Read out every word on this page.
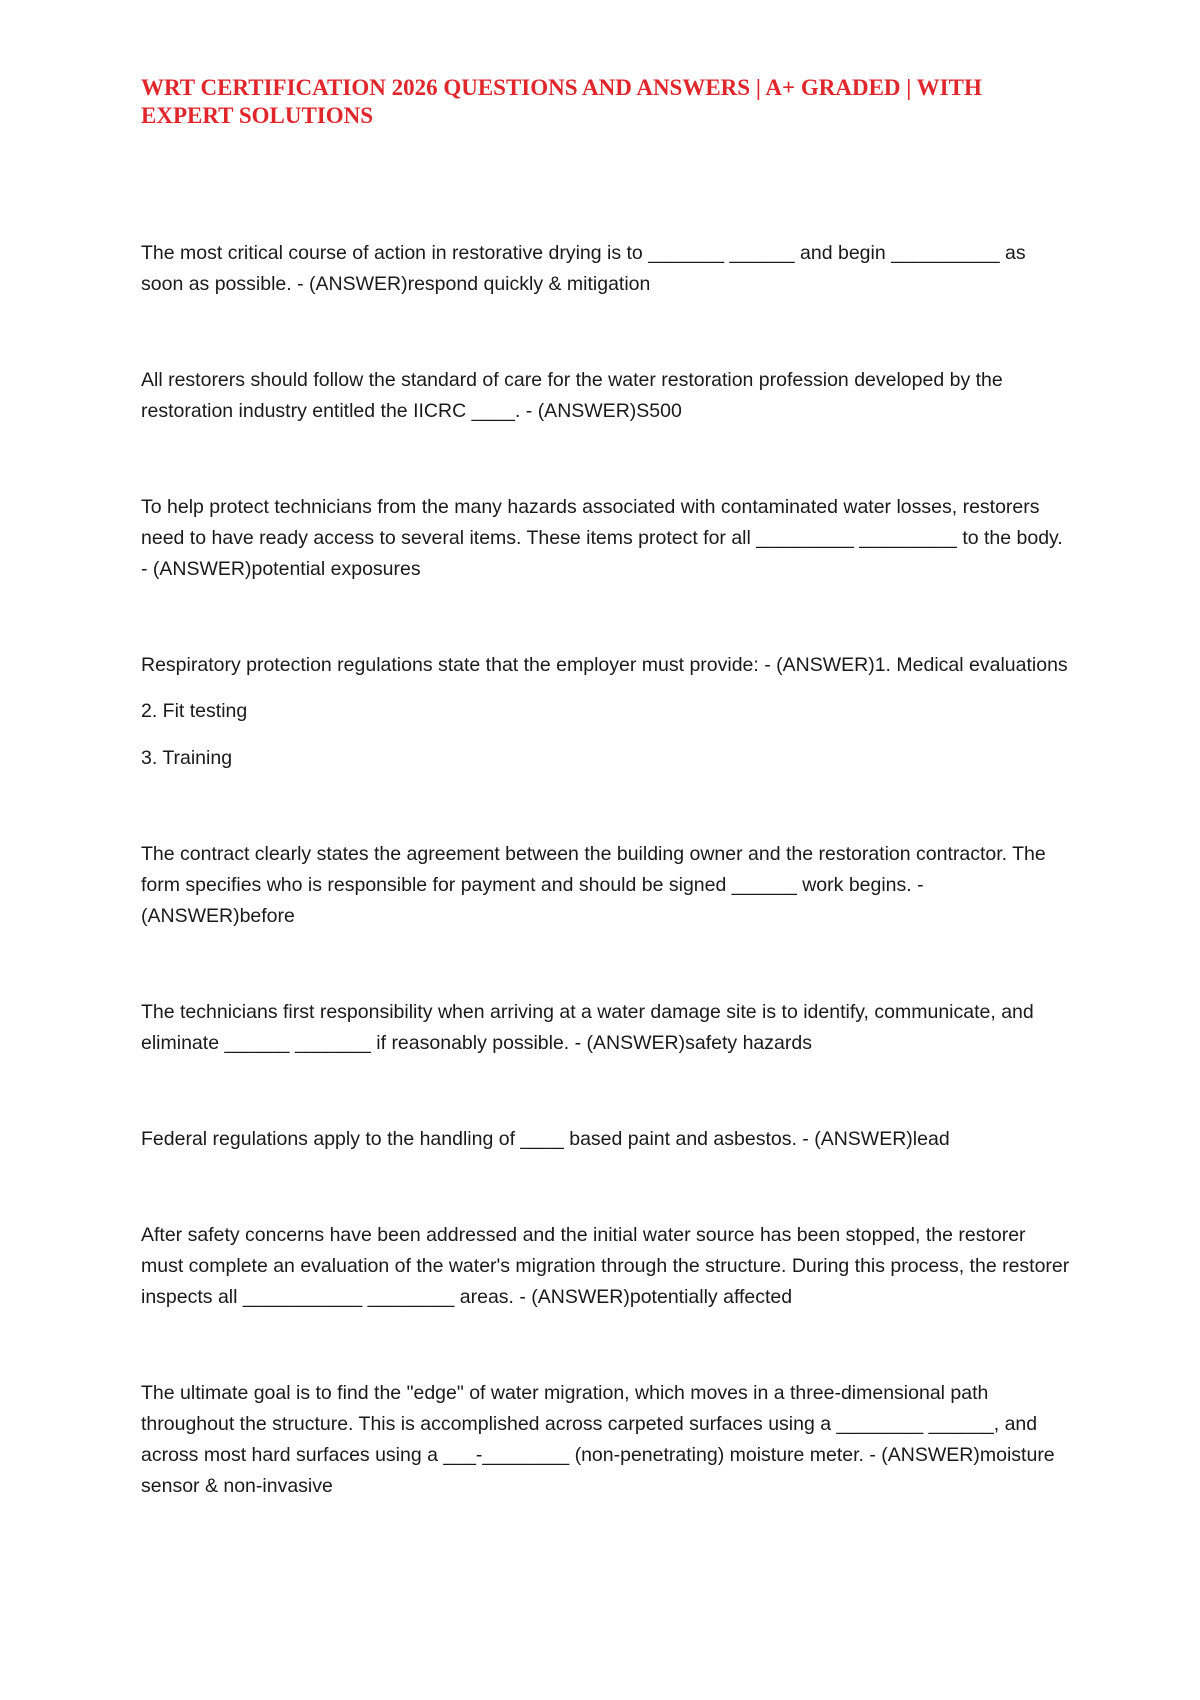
WRT CERTIFICATION 2026 QUESTIONS AND ANSWERS | A+ GRADED | WITH EXPERT SOLUTIONS

The most critical course of action in restorative drying is to _______ ______ and begin __________ as soon as possible. - (ANSWER)respond quickly & mitigation

All restorers should follow the standard of care for the water restoration profession developed by the restoration industry entitled the IICRC ____. - (ANSWER)S500

To help protect technicians from the many hazards associated with contaminated water losses, restorers need to have ready access to several items. These items protect for all _________ _________ to the body. - (ANSWER)potential exposures

Respiratory protection regulations state that the employer must provide: - (ANSWER)1. Medical evaluations

2. Fit testing

3. Training

The contract clearly states the agreement between the building owner and the restoration contractor. The form specifies who is responsible for payment and should be signed ______ work begins. - (ANSWER)before

The technicians first responsibility when arriving at a water damage site is to identify, communicate, and eliminate ______ _______ if reasonably possible. - (ANSWER)safety hazards

Federal regulations apply to the handling of ____ based paint and asbestos. - (ANSWER)lead

After safety concerns have been addressed and the initial water source has been stopped, the restorer must complete an evaluation of the water's migration through the structure. During this process, the restorer inspects all ___________ ________ areas. - (ANSWER)potentially affected

The ultimate goal is to find the "edge" of water migration, which moves in a three-dimensional path throughout the structure. This is accomplished across carpeted surfaces using a ________ ______, and across most hard surfaces using a ___-________ (non-penetrating) moisture meter. - (ANSWER)moisture sensor & non-invasive
